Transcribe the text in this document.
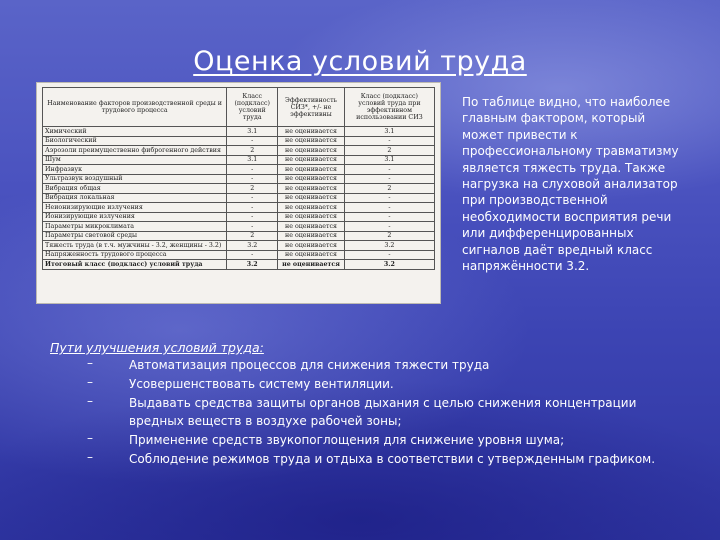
Оценка условий труда
Наименование факторов производственной среды и трудового процесса	Класс (подкласс) условий труда	Эффективность СИЗ*, +/- не эффективны	Класс (подкласс) условий труда при эффективном использовании СИЗ
Химический	3.1	не оценивается	3.1
Биологический	-	не оценивается	-
Аэрозоли преимущественно фиброгенного действия	2	не оценивается	2
Шум	3.1	не оценивается	3.1
Инфразвук	-	не оценивается	-
Ультразвук воздушный	-	не оценивается	-
Вибрация общая	2	не оценивается	2
Вибрация локальная	-	не оценивается	-
Неионизирующие излучения	-	не оценивается	-
Ионизирующие излучения	-	не оценивается	-
Параметры микроклимата	-	не оценивается	-
Параметры световой среды	2	не оценивается	2
Тяжесть труда (в т.ч. мужчины - 3.2, женщины - 3.2)	3.2	не оценивается	3.2
Напряженность трудового процесса	-	не оценивается	-
Итоговый класс (подкласс) условий труда	3.2	не оценивается	3.2
По таблице видно, что наиболее главным фактором, который может привести к профессиональному травматизму является тяжесть труда. Также нагрузка на слуховой анализатор при производственной необходимости восприятия речи или дифференцированных сигналов даёт вредный класс напряжённости 3.2.
Пути улучшения условий труда:
–	Автоматизация процессов для снижения тяжести труда
–	Усовершенствовать систему вентиляции.
–	Выдавать средства защиты органов дыхания с целью снижения концентрации вредных веществ в воздухе рабочей зоны;
–	Применение средств звукопоглощения для снижение уровня шума;
–	Соблюдение режимов труда и отдыха в соответствии с утвержденным графиком.
